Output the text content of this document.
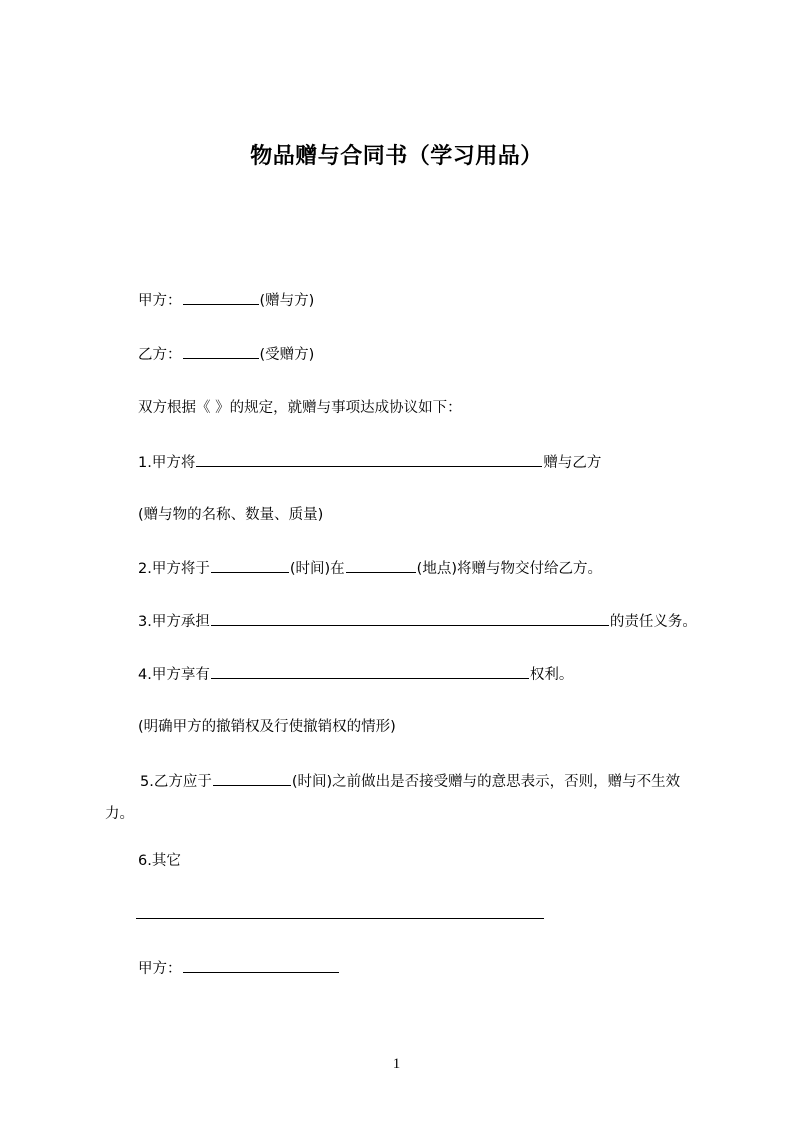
物品赠与合同书（学习用品）

甲方：	(赠与方)

乙方：	(受赠方)

双方根据《 》的规定，就赠与事项达成协议如下：

1.甲方将	赠与乙方

(赠与物的名称、数量、质量)

2.甲方将于	(时间)在	(地点)将赠与物交付给乙方。

3.甲方承担	的责任义务。

4.甲方享有	权利。

(明确甲方的撤销权及行使撤销权的情形)

5.乙方应于	(时间)之前做出是否接受赠与的意思表示，否则，赠与不生效力。

6.其它

甲方：

1
